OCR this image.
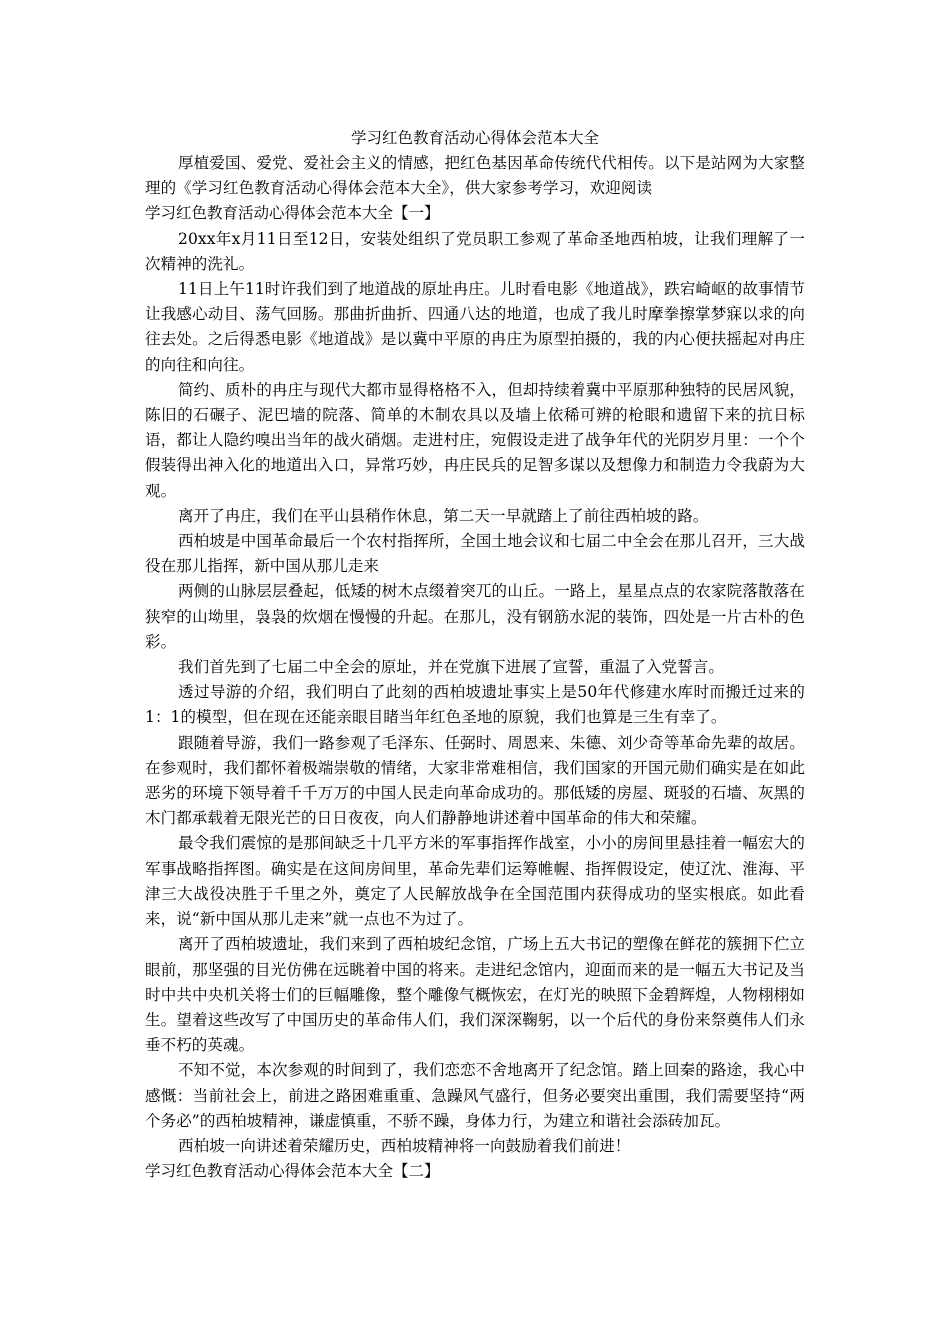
学习红色教育活动心得体会范本大全

厚植爱国、爱党、爱社会主义的情感，把红色基因革命传统代代相传。以下是站网为大家整理的《学习红色教育活动心得体会范本大全》，供大家参考学习，欢迎阅读

学习红色教育活动心得体会范本大全【一】

20xx年x月11日至12日，安装处组织了党员职工参观了革命圣地西柏坡，让我们理解了一次精神的洗礼。

11日上午11时许我们到了地道战的原址冉庄。儿时看电影《地道战》，跌宕崎岖的故事情节让我感心动目、荡气回肠。那曲折曲折、四通八达的地道，也成了我儿时摩拳擦掌梦寐以求的向往去处。之后得悉电影《地道战》是以冀中平原的冉庄为原型拍摄的，我的内心便扶摇起对冉庄的向往和向往。

简约、质朴的冉庄与现代大都市显得格格不入，但却持续着冀中平原那种独特的民居风貌，陈旧的石碾子、泥巴墙的院落、简单的木制农具以及墙上依稀可辨的枪眼和遗留下来的抗日标语，都让人隐约嗅出当年的战火硝烟。走进村庄，宛假设走进了战争年代的光阴岁月里：一个个假装得出神入化的地道出入口，异常巧妙，冉庄民兵的足智多谋以及想像力和制造力令我蔚为大观。

离开了冉庄，我们在平山县稍作休息，第二天一早就踏上了前往西柏坡的路。

西柏坡是中国革命最后一个农村指挥所，全国土地会议和七届二中全会在那儿召开，三大战役在那儿指挥，新中国从那儿走来

两侧的山脉层层叠起，低矮的树木点缀着突兀的山丘。一路上，星星点点的农家院落散落在狭窄的山坳里，袅袅的炊烟在慢慢的升起。在那儿，没有钢筋水泥的装饰，四处是一片古朴的色彩。

我们首先到了七届二中全会的原址，并在党旗下进展了宣誓，重温了入党誓言。

透过导游的介绍，我们明白了此刻的西柏坡遗址事实上是50年代修建水库时而搬迁过来的1：1的模型，但在现在还能亲眼目睹当年红色圣地的原貌，我们也算是三生有幸了。

跟随着导游，我们一路参观了毛泽东、任弼时、周恩来、朱德、刘少奇等革命先辈的故居。在参观时，我们都怀着极端崇敬的情绪，大家非常难相信，我们国家的开国元勋们确实是在如此恶劣的环境下领导着千千万万的中国人民走向革命成功的。那低矮的房屋、斑驳的石墙、灰黑的木门都承载着无限光芒的日日夜夜，向人们静静地讲述着中国革命的伟大和荣耀。

最令我们震惊的是那间缺乏十几平方米的军事指挥作战室，小小的房间里悬挂着一幅宏大的军事战略指挥图。确实是在这间房间里，革命先辈们运筹帷幄、指挥假设定，使辽沈、淮海、平津三大战役决胜于千里之外，奠定了人民解放战争在全国范围内获得成功的坚实根底。如此看来，说“新中国从那儿走来”就一点也不为过了。

离开了西柏坡遗址，我们来到了西柏坡纪念馆，广场上五大书记的塑像在鲜花的簇拥下伫立眼前，那坚强的目光仿佛在远眺着中国的将来。走进纪念馆内，迎面而来的是一幅五大书记及当时中共中央机关将士们的巨幅雕像，整个雕像气概恢宏，在灯光的映照下金碧辉煌，人物栩栩如生。望着这些改写了中国历史的革命伟人们，我们深深鞠躬，以一个后代的身份来祭奠伟人们永垂不朽的英魂。

不知不觉，本次参观的时间到了，我们恋恋不舍地离开了纪念馆。踏上回秦的路途，我心中感慨：当前社会上，前进之路困难重重、急躁风气盛行，但务必要突出重围，我们需要坚持“两个务必”的西柏坡精神，谦虚慎重，不骄不躁，身体力行，为建立和谐社会添砖加瓦。

西柏坡一向讲述着荣耀历史，西柏坡精神将一向鼓励着我们前进！

学习红色教育活动心得体会范本大全【二】
